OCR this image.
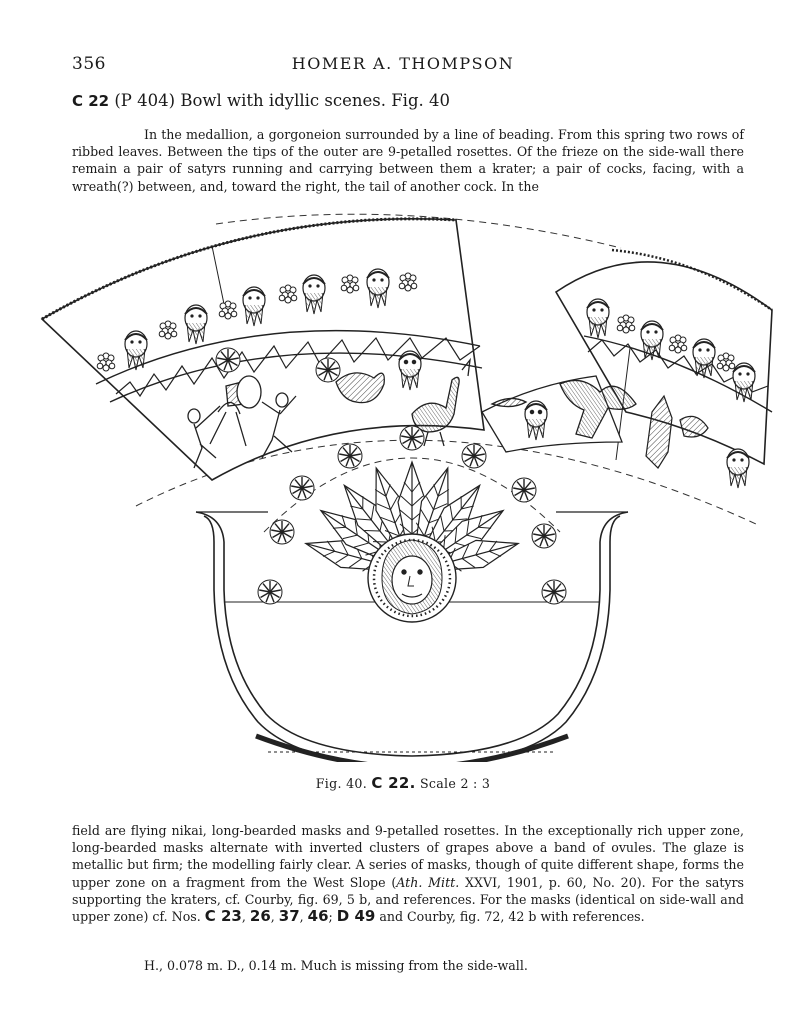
356	HOMER A. THOMPSON
C 22 (P 404) Bowl with idyllic scenes. Fig. 40

In the medallion, a gorgoneion surrounded by a line of beading. From this spring two rows of ribbed leaves. Between the tips of the outer are 9-petalled rosettes. Of the frieze on the side-wall there remain a pair of satyrs running and carrying between them a krater; a pair of cocks, facing, with a wreath(?) between, and, toward the right, the tail of another cock. In the

Fig. 40. C 22. Scale 2 : 3

field are flying nikai, long-bearded masks and 9-petalled rosettes. In the exceptionally rich upper zone, long-bearded masks alternate with inverted clusters of grapes above a band of ovules. The glaze is metallic but firm; the modelling fairly clear. A series of masks, though of quite different shape, forms the upper zone on a fragment from the West Slope (Ath. Mitt. XXVI, 1901, p. 60, No. 20). For the satyrs supporting the kraters, cf. Courby, fig. 69, 5 b, and references. For the masks (identical on side-wall and upper zone) cf. Nos. C 23, 26, 37, 46; D 49 and Courby, fig. 72, 42 b with references.

H., 0.078 m. D., 0.14 m. Much is missing from the side-wall.
